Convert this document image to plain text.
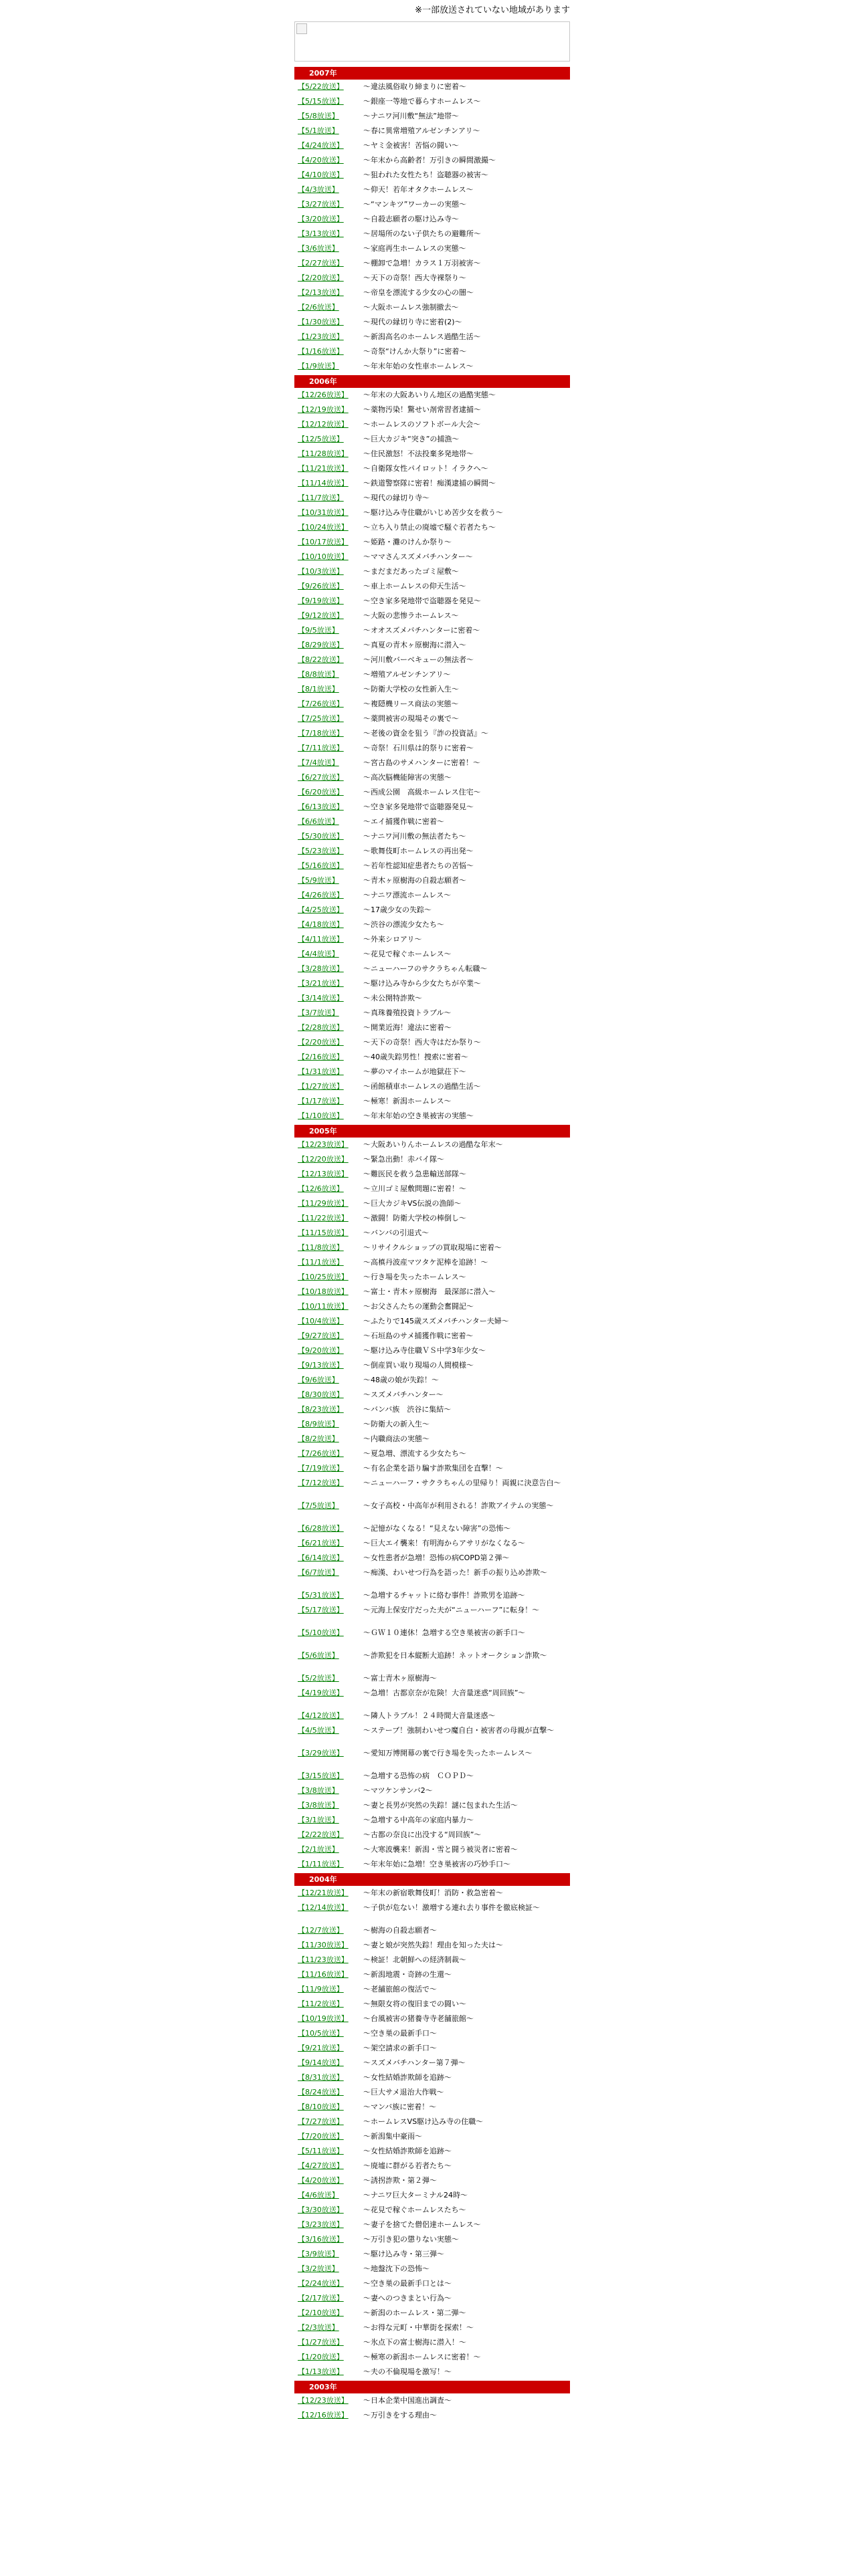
※一部放送されていない地域があります
2007年
【5/22放送】	〜違法風俗取り締まりに密着〜
【5/15放送】	〜銀座一等地で暮らすホームレス〜
【5/8放送】	〜ナニワ河川敷“無法”地帯〜
【5/1放送】	〜春に異常増殖アルゼンチンアリ〜
【4/24放送】	〜ヤミ金被害！苦悩の闘い〜
【4/20放送】	〜年末から高齢者！万引きの瞬間激撮〜
【4/10放送】	〜狙われた女性たち！盗聴器の被害〜
【4/3放送】	〜仰天！若年オタクホームレス〜
【3/27放送】	〜“マンキツ”ワーカーの実態〜
【3/20放送】	〜自殺志願者の駆け込み寺〜
【3/13放送】	〜居場所のない子供たちの避難所〜
【3/6放送】	〜家庭再生ホームレスの実態〜
【2/27放送】	〜棚卸で急増！カラス１万羽被害〜
【2/20放送】	〜天下の奇祭！西大寺裸祭り〜
【2/13放送】	〜帝皇を漂流する少女の心の闇〜
【2/6放送】	〜大阪ホームレス強制撤去〜
【1/30放送】	〜現代の縁切り寺に密着(2)〜
【1/23放送】	〜新潟高名のホームレス過酷生活〜
【1/16放送】	〜奇祭“けんか大祭り”に密着〜
【1/9放送】	〜年末年始の女性車ホームレス〜
2006年
【12/26放送】	〜年末の大阪あいりん地区の過酷実態〜
【12/19放送】	〜薬物汚染！驚せい剤常習者逮捕〜
【12/12放送】	〜ホームレスのソフトボール大会〜
【12/5放送】	〜巨大カジキ“突き”の捕漁〜
【11/28放送】	〜住民激怒！不法投棄多発地帯〜
【11/21放送】	〜自衛隊女性パイロット！イラクへ〜
【11/14放送】	〜鉄道警察隊に密着！痴漢逮捕の瞬間〜
【11/7放送】	〜現代の縁切り寺〜
【10/31放送】	〜駆け込み寺住職がいじめ苦少女を救う〜
【10/24放送】	〜立ち入り禁止の廃墟で騒ぐ若者たち〜
【10/17放送】	〜姫路・灘のけんか祭り〜
【10/10放送】	〜ママさんスズメバチハンター〜
【10/3放送】	〜まだまだあったゴミ屋敷〜
【9/26放送】	〜車上ホームレスの仰天生活〜
【9/19放送】	〜空き家多発地帯で盗聴器を発見〜
【9/12放送】	〜大阪の悲惨ラホームレス〜
【9/5放送】	〜オオスズメバチハンターに密着〜
【8/29放送】	〜真夏の青木ヶ原樹海に潜入〜
【8/22放送】	〜河川敷バーベキューの無法者〜
【8/8放送】	〜増殖アルゼンチンアリ〜
【8/1放送】	〜防衛大学校の女性新入生〜
【7/26放送】	〜複隠機リース商法の実態〜
【7/25放送】	〜薬問被害の現場その裏で〜
【7/18放送】	〜老後の資金を狙う『詐の投資話』〜
【7/11放送】	〜奇祭！石川県は的祭りに密着〜
【7/4放送】	〜宮古島のサメハンターに密着！〜
【6/27放送】	〜高次脳機能障害の実態〜
【6/20放送】	〜西成公園　高級ホームレス住宅〜
【6/13放送】	〜空き家多発地帯で盗聴器発見〜
【6/6放送】	〜エイ捕獲作戦に密着〜
【5/30放送】	〜ナニワ河川敷の無法者たち〜
【5/23放送】	〜歌舞伎町ホームレスの再出発〜
【5/16放送】	〜若年性認知症患者たちの苦悩〜
【5/9放送】	〜青木ヶ原樹海の自殺志願者〜
【4/26放送】	〜ナニワ漂流ホームレス〜
【4/25放送】	〜17歳少女の失踪〜
【4/18放送】	〜渋谷の漂流少女たち〜
【4/11放送】	〜外来シロアリ〜
【4/4放送】	〜花見で稼ぐホームレス〜
【3/28放送】	〜ニューハーフのサクラちゃん転職〜
【3/21放送】	〜駆け込み寺から少女たちが卒業〜
【3/14放送】	〜未公開特詐欺〜
【3/7放送】	〜真珠養殖投資トラブル〜
【2/28放送】	〜開業近海！違法に密着〜
【2/20放送】	〜天下の奇祭！西大寺はだか祭り〜
【2/16放送】	〜40歳失踪男性！捜索に密着〜
【1/31放送】	〜夢のマイホームが地獄荘下〜
【1/27放送】	〜函館積車ホームレスの過酷生活〜
【1/17放送】	〜極寒！新潟ホームレス〜
【1/10放送】	〜年末年始の空き巣被害の実態〜
2005年
【12/23放送】	〜大阪あいりんホームレスの過酷な年末〜
【12/20放送】	〜緊急出動！赤バイ隊〜
【12/13放送】	〜難医民を救う急患輸送部隊〜
【12/6放送】	〜立川ゴミ屋敷問題に密着！〜
【11/29放送】	〜巨大カジキVS伝説の漁師〜
【11/22放送】	〜激闘！防衛大学校の棒倒し〜
【11/15放送】	〜バンバの引退式〜
【11/8放送】	〜リサイクルショップの買取現場に密着〜
【11/1放送】	〜高槙丹波産マツタケ泥棒を追跡！〜
【10/25放送】	〜行き場を失ったホームレス〜
【10/18放送】	〜富士・青木ヶ原樹海　最深部に潜入〜
【10/11放送】	〜お父さんたちの運動会奮闘記〜
【10/4放送】	〜ふたりで145歳スズメバチハンター夫婦〜
【9/27放送】	〜石垣島のサメ捕獲作戦に密着〜
【9/20放送】	〜駆け込み寺住職ＶＳ中学3年少女〜
【9/13放送】	〜倒産買い取り現場の人間模様〜
【9/6放送】	〜48歳の娘が失踪！〜
【8/30放送】	〜スズメバチハンター〜
【8/23放送】	〜バンバ族　渋谷に集結〜
【8/9放送】	〜防衛大の新入生〜
【8/2放送】	〜内職商法の実態〜
【7/26放送】	〜夏急増、漂流する少女たち〜
【7/19放送】	〜有名企業を語り騙す詐欺集団を直撃！〜
【7/12放送】	〜ニューハーフ・サクラちゃんの里帰り！両親に決意告白〜
【7/5放送】	〜女子高校・中高年が利用される！詐欺アイテムの実態〜
【6/28放送】	〜記憶がなくなる！“見えない障害”の恐怖〜
【6/21放送】	〜巨大エイ襲来！有明海からアサリがなくなる〜
【6/14放送】	〜女性患者が急増！恐怖の病COPD第２弾〜
【6/7放送】	〜痴漢、わいせつ行為を語った！新手の振り込め詐欺〜
【5/31放送】	〜急増するチャットに絡む事件！詐欺男を追跡〜
【5/17放送】	〜元海上保安庁だった夫が“ニューハーフ”に転身！〜
【5/10放送】	〜ＧＷ１０連休！急増する空き巣被害の新手口〜
【5/6放送】	〜詐欺犯を日本縦断大追跡！ネットオークション詐欺〜
【5/2放送】	〜富士青木ヶ原樹海〜
【4/19放送】	〜急増！古都京奈が危険！大音量迷惑“周回族”〜
【4/12放送】	〜隣人トラブル！２４時間大音量迷惑〜
【4/5放送】	〜ステーブ！強制わいせつ魔自白・被害者の母親が直撃〜
【3/29放送】	〜愛知万博開幕の裏で行き場を失ったホームレス〜
【3/15放送】	〜急増する恐怖の病　ＣＯＰＤ〜
【3/8放送】	〜マツケンサンバ2〜
【3/8放送】	〜妻と長男が突然の失踪！謎に包まれた生活〜
【3/1放送】	〜急増する中高年の家庭内暴力〜
【2/22放送】	〜古都の奈良に出没する“周回族”〜
【2/1放送】	〜大寒波襲来！新潟・雪と闘う被災者に密着〜
【1/11放送】	〜年末年始に急増！空き巣被害の巧妙手口〜
2004年
【12/21放送】	〜年末の新宿歌舞伎町！消防・救急密着〜
【12/14放送】	〜子供が危ない！激増する連れ去り事件を徹底検証〜
【12/7放送】	〜樹海の自殺志願者〜
【11/30放送】	〜妻と娘が突然失踪！理由を知った夫は〜
【11/23放送】	〜検証！北朝鮮への経済制裁〜
【11/16放送】	〜新潟地震・奇跡の生還〜
【11/9放送】	〜老舗旅館の復活で〜
【11/2放送】	〜無限女将の復旧までの闘い〜
【10/19放送】	〜台風被害の猪養寺寺老舗旅館〜
【10/5放送】	〜空き巣の最新手口〜
【9/21放送】	〜架空請求の新手口〜
【9/14放送】	〜スズメバチハンター第７弾〜
【8/31放送】	〜女性結婚詐欺師を追跡〜
【8/24放送】	〜巨大サメ退治大作戦〜
【8/10放送】	〜マンバ族に密着！〜
【7/27放送】	〜ホームレスVS駆け込み寺の住職〜
【7/20放送】	〜新潟集中豪雨〜
【5/11放送】	〜女性結婚詐欺師を追跡〜
【4/27放送】	〜廃墟に群がる若者たち〜
【4/20放送】	〜誘拐詐欺・第２弾〜
【4/6放送】	〜ナニワ巨大ターミナル24時〜
【3/30放送】	〜花見で稼ぐホームレスたち〜
【3/23放送】	〜妻子を捨てた僧侶達ホームレス〜
【3/16放送】	〜万引き犯の懲りない実態〜
【3/9放送】	〜駆け込み寺・第三弾〜
【3/2放送】	〜地盤沈下の恐怖〜
【2/24放送】	〜空き巣の最新手口とは〜
【2/17放送】	〜妻へのつきまとい行為〜
【2/10放送】	〜新潟のホームレス・第二弾〜
【2/3放送】	〜お得な元町・中華街を探索！〜
【1/27放送】	〜氷点下の富士樹海に潜入！〜
【1/20放送】	〜極寒の新潟ホームレスに密着！〜
【1/13放送】	〜夫の不倫現場を激写！〜
2003年
【12/23放送】	〜日本企業中国進出調査〜
【12/16放送】	〜万引きをする理由〜
